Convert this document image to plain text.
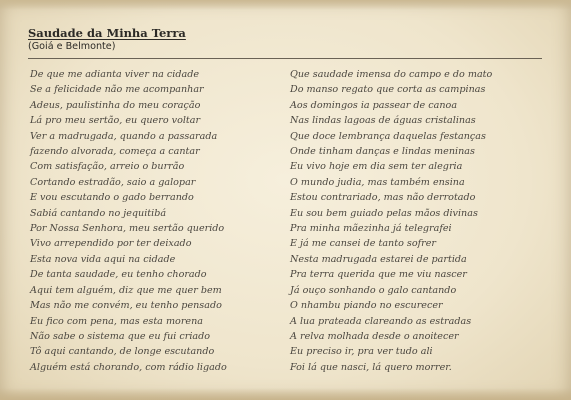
Saudade da Minha Terra

(Goiá e Belmonte)

De que me adianta viver na cidade
Se a felicidade não me acompanhar
Adeus, paulistinha do meu coração
Lá pro meu sertão, eu quero voltar
Ver a madrugada, quando a passarada
fazendo alvorada, começa a cantar
Com satisfação, arreio o burrão
Cortando estradão, saio a galopar
E vou escutando o gado berrando
Sabiá cantando no jequitibá
Por Nossa Senhora, meu sertão querido
Vivo arrependido por ter deixado
Esta nova vida aqui na cidade
De tanta saudade, eu tenho chorado
Aqui tem alguém, diz que me quer bem
Mas não me convém, eu tenho pensado
Eu fico com pena, mas esta morena
Não sabe o sistema que eu fui criado
Tô aqui cantando, de longe escutando
Alguém está chorando, com rádio ligado
Que saudade imensa do campo e do mato
Do manso regato que corta as campinas
Aos domingos ia passear de canoa
Nas lindas lagoas de águas cristalinas
Que doce lembrança daquelas festanças
Onde tinham danças e lindas meninas
Eu vivo hoje em dia sem ter alegria
O mundo judia, mas também ensina
Estou contrariado, mas não derrotado
Eu sou bem guiado pelas mãos divinas
Pra minha mãezinha já telegrafei
E já me cansei de tanto sofrer
Nesta madrugada estarei de partida
Pra terra querida que me viu nascer
Já ouço sonhando o galo cantando
O nhambu piando no escurecer
A lua prateada clareando as estradas
A relva molhada desde o anoitecer
Eu preciso ir, pra ver tudo ali
Foi lá que nasci, lá quero morrer.
